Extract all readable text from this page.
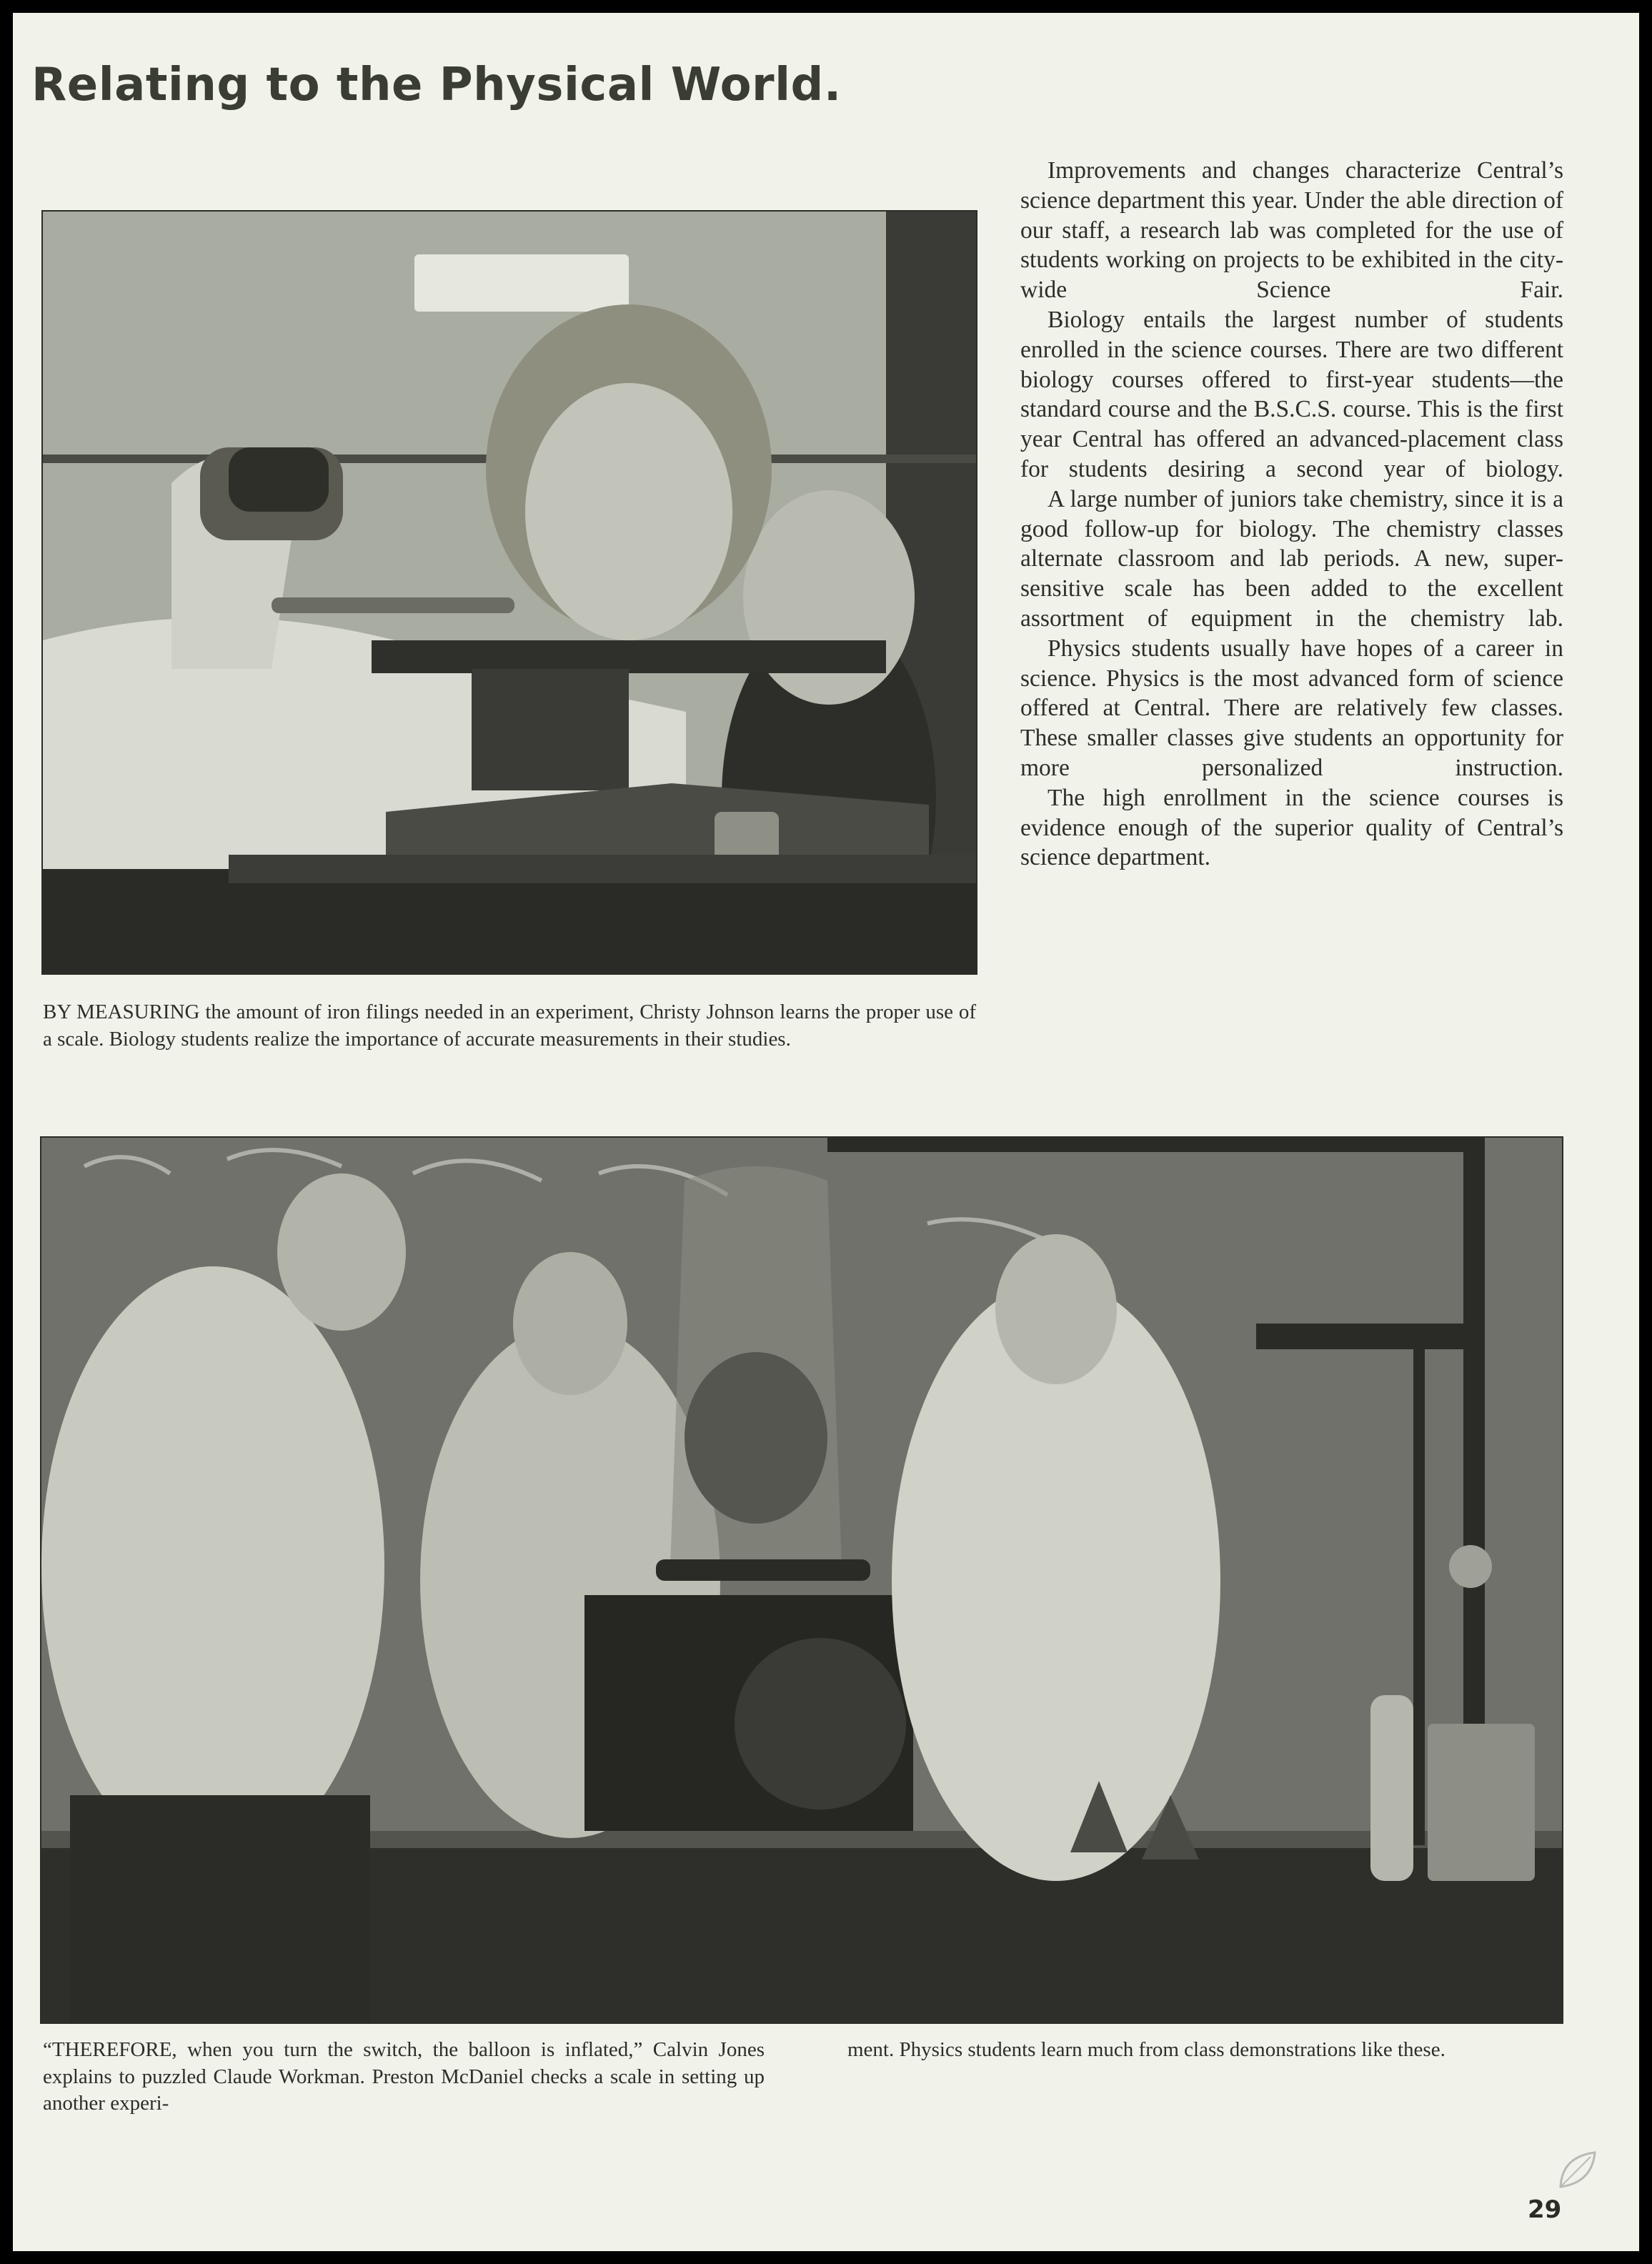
Relating to the Physical World.

Improvements and changes characterize Central’s science department this year. Under the able direction of our staff, a research lab was completed for the use of students working on projects to be exhibited in the city-wide Science Fair.

Biology entails the largest number of students enrolled in the science courses. There are two different biology courses offered to first-year students—the standard course and the B.S.C.S. course. This is the first year Central has offered an advanced-placement class for students desiring a second year of biology.

A large number of juniors take chemistry, since it is a good follow-up for biology. The chemistry classes alternate classroom and lab periods. A new, super-sensitive scale has been added to the excellent assortment of equipment in the chemistry lab.

Physics students usually have hopes of a career in science. Physics is the most advanced form of science offered at Central. There are relatively few classes. These smaller classes give students an opportunity for more personalized instruction.

The high enrollment in the science courses is evidence enough of the superior quality of Central’s science department.

BY MEASURING the amount of iron filings needed in an experiment, Christy Johnson learns the proper use of a scale. Biology students realize the importance of accurate measurements in their studies.
“THEREFORE, when you turn the switch, the balloon is inflated,” Calvin Jones explains to puzzled Claude Workman. Preston McDaniel checks a scale in setting up another experi-
ment. Physics students learn much from class demonstrations like these.
29
